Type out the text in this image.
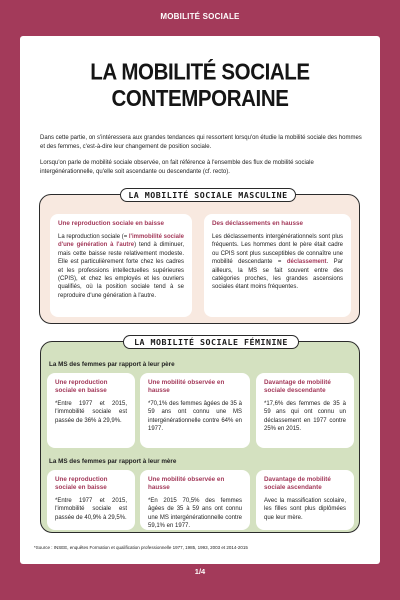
MOBILITÉ SOCIALE
LA MOBILITÉ SOCIALE CONTEMPORAINE

Dans cette partie, on s'intéressera aux grandes tendances qui ressortent lorsqu'on étudie la mobilité sociale des hommes et des femmes, c'est-à-dire leur changement de position sociale.

Lorsqu'on parle de mobilité sociale observée, on fait référence à l'ensemble des flux de mobilité sociale intergénérationnelle, qu'elle soit ascendante ou descendante (cf. recto).

LA MOBILITÉ SOCIALE MASCULINE
Une reproduction sociale en baisse

La reproduction sociale (= l'immobilité sociale d'une génération à l'autre) tend à diminuer, mais cette baisse reste relativement modeste. Elle est particulièrement forte chez les cadres et les professions intellectuelles supérieures (CPIS), et chez les employés et les ouvriers qualifiés, où la position sociale tend à se reproduire d'une génération à l'autre.

Des déclassements en hausse

Les déclassements intergénérationnels sont plus fréquents. Les hommes dont le père était cadre ou CPIS sont plus susceptibles de connaître une mobilité descendante = déclassement. Par ailleurs, la MS se fait souvent entre des catégories proches, les grandes ascensions sociales étant moins fréquentes.

LA MOBILITÉ SOCIALE FÉMININE
La MS des femmes par rapport à leur père
Une reproduction sociale en baisse

*Entre 1977 et 2015, l'immobilité sociale est passée de 36% à 29,9%.

Une mobilité observée en hausse

*70,1% des femmes âgées de 35 à 59 ans ont connu une MS intergénérationnelle contre 64% en 1977.

Davantage de mobilité sociale descendante

*17,6% des femmes de 35 à 59 ans qui ont connu un déclassement en 1977 contre 25% en 2015.

La MS des femmes par rapport à leur mère
Une reproduction sociale en baisse

*Entre 1977 et 2015, l'immobilité sociale est passée de 40,9% à 29,5%.

Une mobilité observée en hausse

*En 2015 70,5% des femmes âgées de 35 à 59 ans ont connu une MS intergénérationnelle contre 59,1% en 1977.

Davantage de mobilité sociale ascendante

Avec la massification scolaire, les filles sont plus diplômées que leur mère.

*Source : INSEE, enquêtes Formation et qualification professionnelle 1977, 1985, 1993, 2003 et 2014-2015

1/4
